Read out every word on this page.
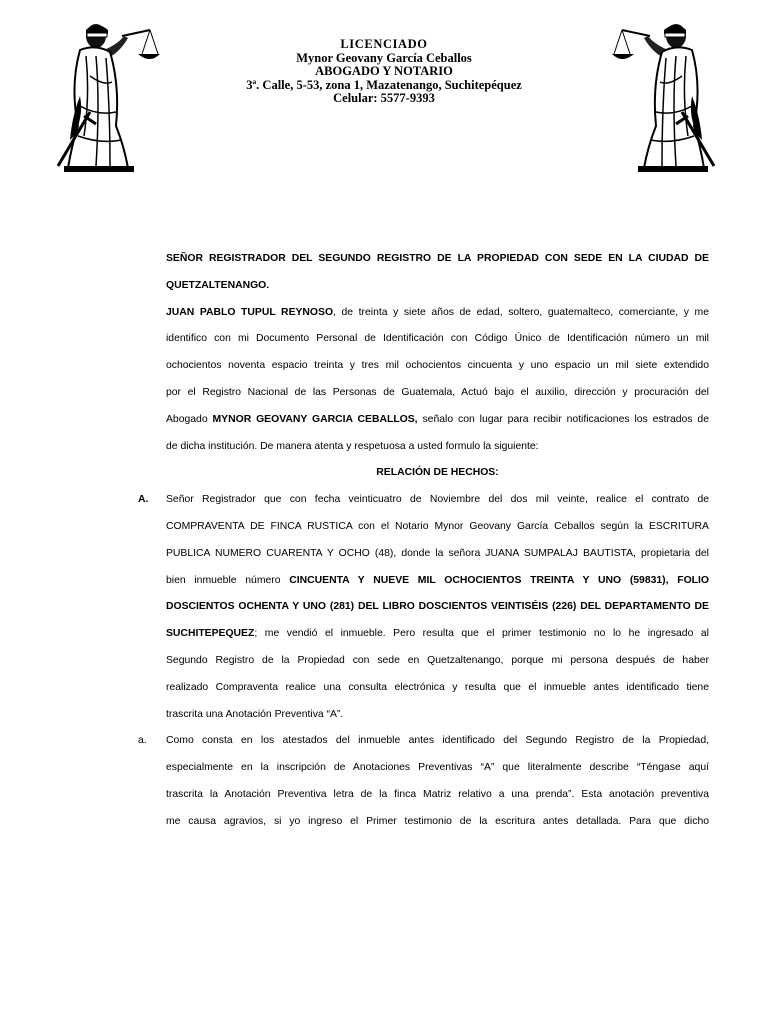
LICENCIADO
Mynor Geovany García Ceballos
ABOGADO Y NOTARIO
3ª. Calle, 5-53, zona 1, Mazatenango, Suchitepéquez
Celular: 5577-9393
SEÑOR REGISTRADOR DEL SEGUNDO REGISTRO DE LA PROPIEDAD CON SEDE EN LA CIUDAD DE
QUETZALTENANGO.
JUAN PABLO TUPUL REYNOSO, de treinta y siete años de edad, soltero, guatemalteco, comerciante, y me
identifico con mi Documento Personal de Identificación con Código Único de Identificación número un mil
ochocientos noventa espacio treinta y tres mil ochocientos cincuenta y uno espacio un mil siete extendido
por el Registro Nacional de las Personas de Guatemala, Actuó bajo el auxilio, dirección y procuración del
Abogado MYNOR GEOVANY GARCIA CEBALLOS, señalo con lugar para recibir notificaciones los estrados de
de dicha institución. De manera atenta y respetuosa a usted formulo la siguiente:
RELACIÓN DE HECHOS:
A. Señor Registrador que con fecha veinticuatro de Noviembre del dos mil veinte, realice el contrato de
COMPRAVENTA DE FINCA RUSTICA con el Notario Mynor Geovany García Ceballos según la ESCRITURA
PUBLICA NUMERO CUARENTA Y OCHO (48), donde la señora JUANA SUMPALAJ BAUTISTA, propietaria del
bien inmueble número CINCUENTA Y NUEVE MIL OCHOCIENTOS TREINTA Y UNO (59831), FOLIO
DOSCIENTOS OCHENTA Y UNO (281) DEL LIBRO DOSCIENTOS VEINTISÉIS (226) DEL DEPARTAMENTO DE
SUCHITEPEQUEZ; me vendió el inmueble. Pero resulta que el primer testimonio no lo he ingresado al
Segundo Registro de la Propiedad con sede en Quetzaltenango, porque mi persona después de haber
realizado Compraventa realice una consulta electrónica y resulta que el inmueble antes identificado tiene
trascrita una Anotación Preventiva “A”.
a. Como consta en los atestados del inmueble antes identificado del Segundo Registro de la Propiedad,
especialmente en la inscripción de Anotaciones Preventivas “A” que literalmente describe “Téngase aquí
trascrita la Anotación Preventiva letra de la finca Matriz relativo a una prenda”. Esta anotación preventiva
me causa agravios, si yo ingreso el Primer testimonio de la escritura antes detallada. Para que dicho
